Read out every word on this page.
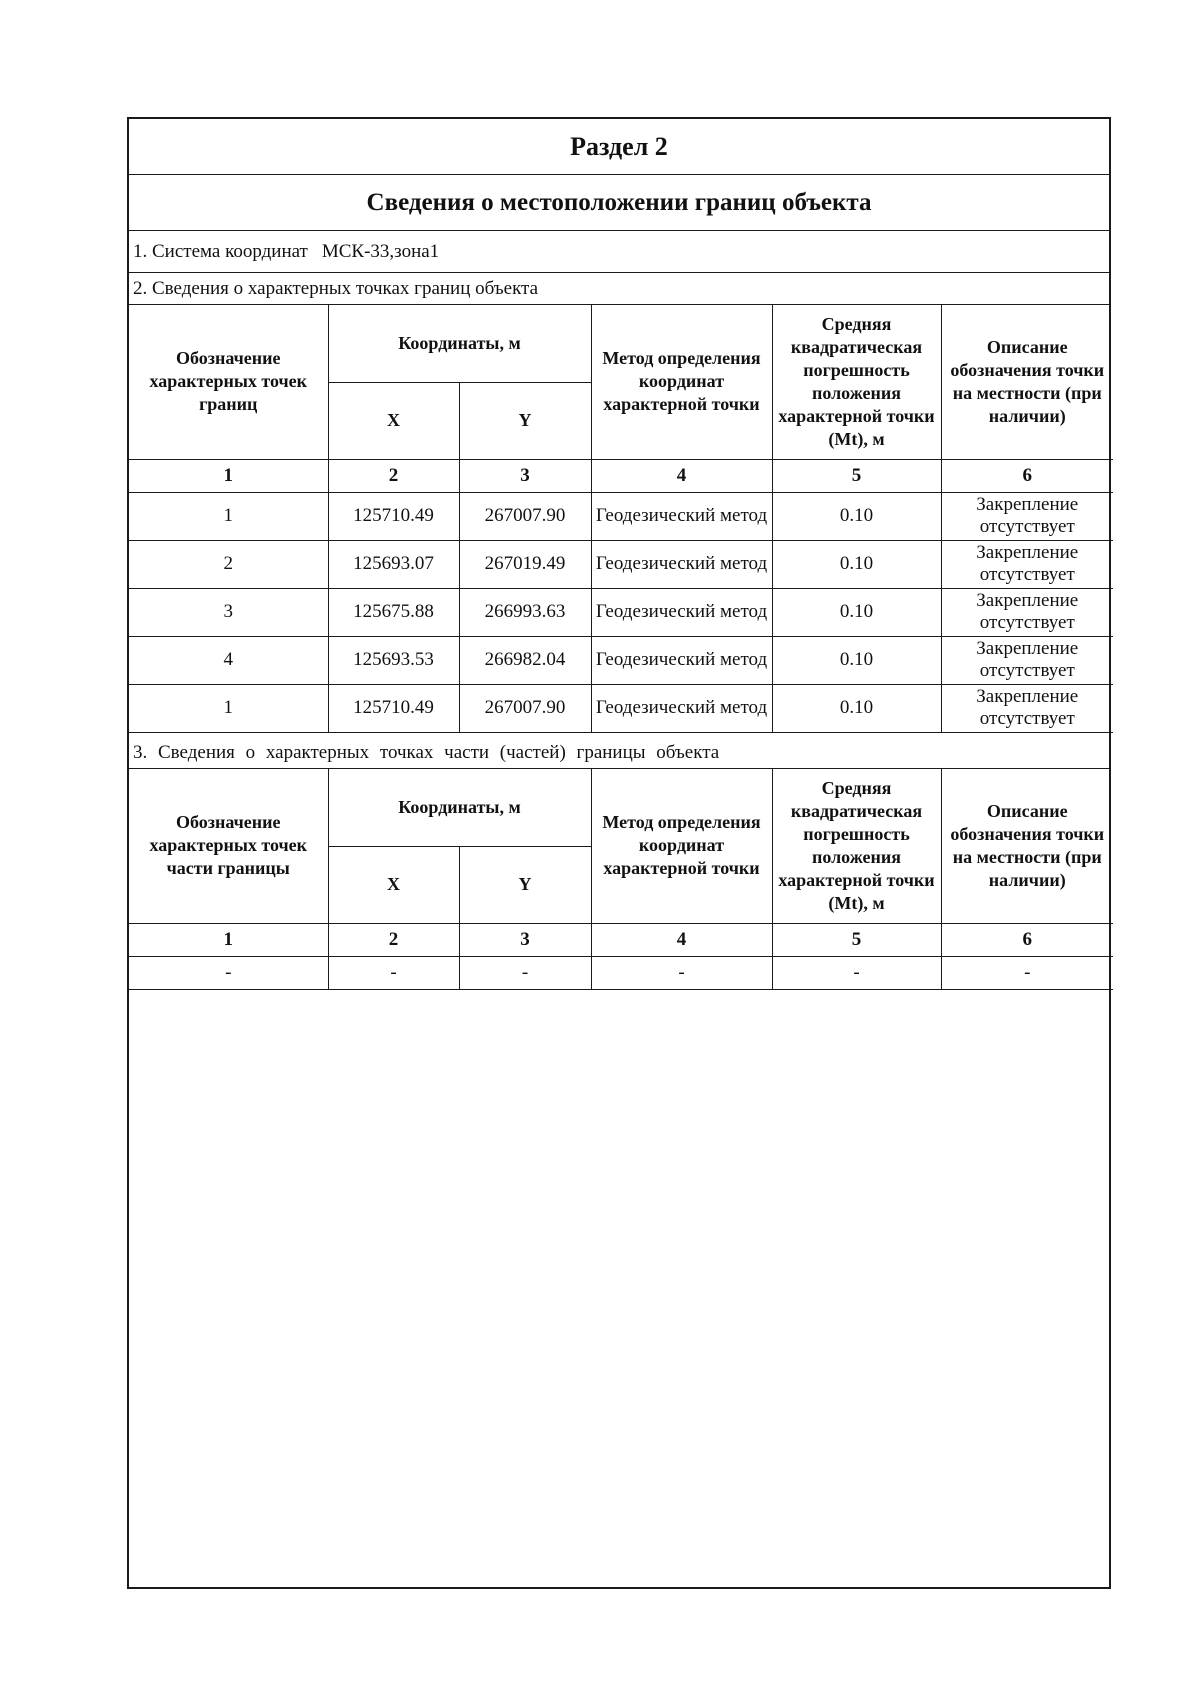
Раздел 2
Сведения о местоположении границ объекта
1. Система координат МСК-33,зона1
2. Сведения о характерных точках границ объекта
Обозначение характерных точек границ	Координаты, м		Метод определения координат характерной точки	Средняя квадратическая погрешность положения характерной точки (Mt), м	Описание обозначения точки на местности (при наличии)
	X	Y			
1	2	3	4	5	6
1	125710.49	267007.90	Геодезический метод	0.10	Закрепление отсутствует
2	125693.07	267019.49	Геодезический метод	0.10	Закрепление отсутствует
3	125675.88	266993.63	Геодезический метод	0.10	Закрепление отсутствует
4	125693.53	266982.04	Геодезический метод	0.10	Закрепление отсутствует
1	125710.49	267007.90	Геодезический метод	0.10	Закрепление отсутствует
3. Сведения о характерных точках части (частей) границы объекта
Обозначение характерных точек части границы	Координаты, м		Метод определения координат характерной точки	Средняя квадратическая погрешность положения характерной точки (Mt), м	Описание обозначения точки на местности (при наличии)
	X	Y			
1	2	3	4	5	6
-	-	-	-	-	-
